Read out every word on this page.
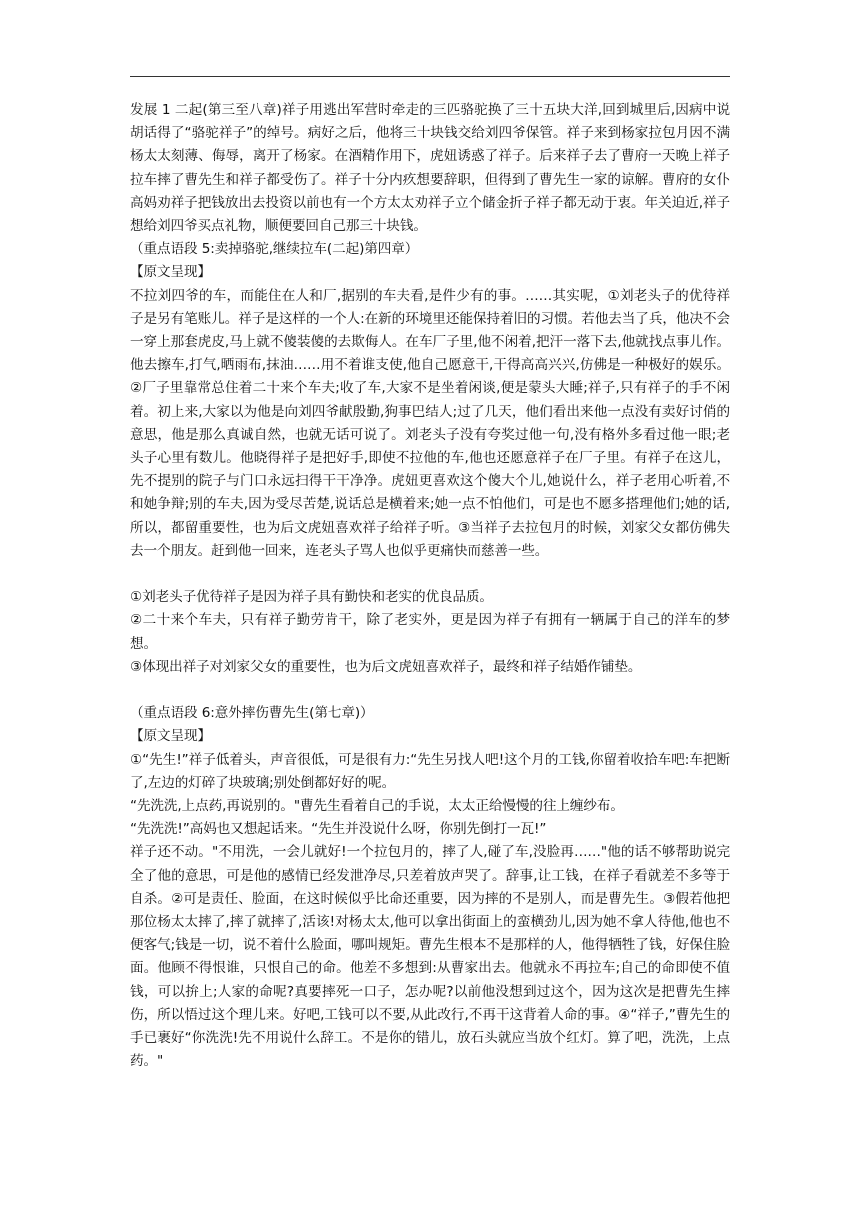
发展 1 二起(第三至八章)祥子用逃出军营时牵走的三匹骆驼换了三十五块大洋,回到城里后,因病中说胡话得了“骆驼祥子”的绰号。病好之后，他将三十块钱交给刘四爷保管。祥子来到杨家拉包月因不满杨太太刻薄、侮辱，离开了杨家。在酒精作用下，虎妞诱惑了祥子。后来祥子去了曹府一天晚上祥子拉车摔了曹先生和祥子都受伤了。祥子十分内疚想要辞职，但得到了曹先生一家的谅解。曹府的女仆高妈劝祥子把钱放出去投资以前也有一个方太太劝祥子立个储金折子祥子都无动于衷。年关迫近,祥子想给刘四爷买点礼物，顺便要回自己那三十块钱。

（重点语段 5:卖掉骆驼,继续拉车(二起)第四章）

【原文呈现】

不拉刘四爷的车，而能住在人和厂,据别的车夫看,是件少有的事。……其实呢，①刘老头子的优待祥子是另有笔账儿。祥子是这样的一个人:在新的环境里还能保持着旧的习惯。若他去当了兵，他决不会一穿上那套虎皮,马上就不傻装傻的去欺侮人。在车厂子里,他不闲着,把汗一落下去,他就找点事儿作。他去擦车,打气,晒雨布,抹油……用不着谁支使,他自己愿意干,干得高高兴兴,仿佛是一种极好的娱乐。②厂子里靠常总住着二十来个车夫;收了车,大家不是坐着闲谈,便是蒙头大睡;祥子,只有祥子的手不闲着。初上来,大家以为他是向刘四爷献殷勤,狗事巴结人;过了几天，他们看出来他一点没有卖好讨俏的意思，他是那么真诚自然，也就无话可说了。刘老头子没有夸奖过他一句,没有格外多看过他一眼;老头子心里有数儿。他晓得祥子是把好手,即使不拉他的车,他也还愿意祥子在厂子里。有祥子在这儿，先不提别的院子与门口永远扫得干干净净。虎妞更喜欢这个傻大个儿,她说什么，祥子老用心听着,不和她争辩;别的车夫,因为受尽苦楚,说话总是横着来;她一点不怕他们，可是也不愿多搭理他们;她的话,所以，都留重要性，也为后文虎妞喜欢祥子给祥子听。③当祥子去拉包月的时候，刘家父女都仿佛失去一个朋友。赶到他一回来，连老头子骂人也似乎更痛快而慈善一些。

①刘老头子优待祥子是因为祥子具有勤快和老实的优良品质。

②二十来个车夫，只有祥子勤劳肯干，除了老实外，更是因为祥子有拥有一辆属于自己的洋车的梦想。

③体现出祥子对刘家父女的重要性，也为后文虎妞喜欢祥子，最终和祥子结婚作铺垫。

（重点语段 6:意外摔伤曹先生(第七章)）

【原文呈现】

①“先生!”祥子低着头，声音很低，可是很有力:“先生另找人吧!这个月的工钱,你留着收拾车吧:车把断了,左边的灯碎了块玻璃;别处倒都好好的呢。

“先洗洗,上点药,再说别的。"曹先生看着自己的手说，太太正给慢慢的往上缠纱布。

“先洗洗!”高妈也又想起话来。“先生并没说什么呀，你别先倒打一瓦!”

祥子还不动。"不用洗，一会儿就好!一个拉包月的，摔了人,碰了车,没脸再……"他的话不够帮助说完全了他的意思，可是他的感情已经发泄净尽,只差着放声哭了。辞事,让工钱，在祥子看就差不多等于自杀。②可是责任、脸面，在这时候似乎比命还重要，因为摔的不是别人，而是曹先生。③假若他把那位杨太太摔了,摔了就摔了,活该!对杨太太,他可以拿出街面上的蛮横劲儿,因为她不拿人待他,他也不便客气;钱是一切，说不着什么脸面，哪叫规矩。曹先生根本不是那样的人，他得牺牲了钱，好保住脸面。他顾不得恨谁，只恨自己的命。他差不多想到:从曹家出去。他就永不再拉车;自己的命即使不值钱，可以拚上;人家的命呢?真要摔死一口子，怎办呢?以前他没想到过这个，因为这次是把曹先生摔伤，所以悟过这个理儿来。好吧,工钱可以不要,从此改行,不再干这背着人命的事。④“祥子,”曹先生的手已裹好“你洗洗!先不用说什么辞工。不是你的错儿，放石头就应当放个红灯。算了吧，洗洗，上点药。"
